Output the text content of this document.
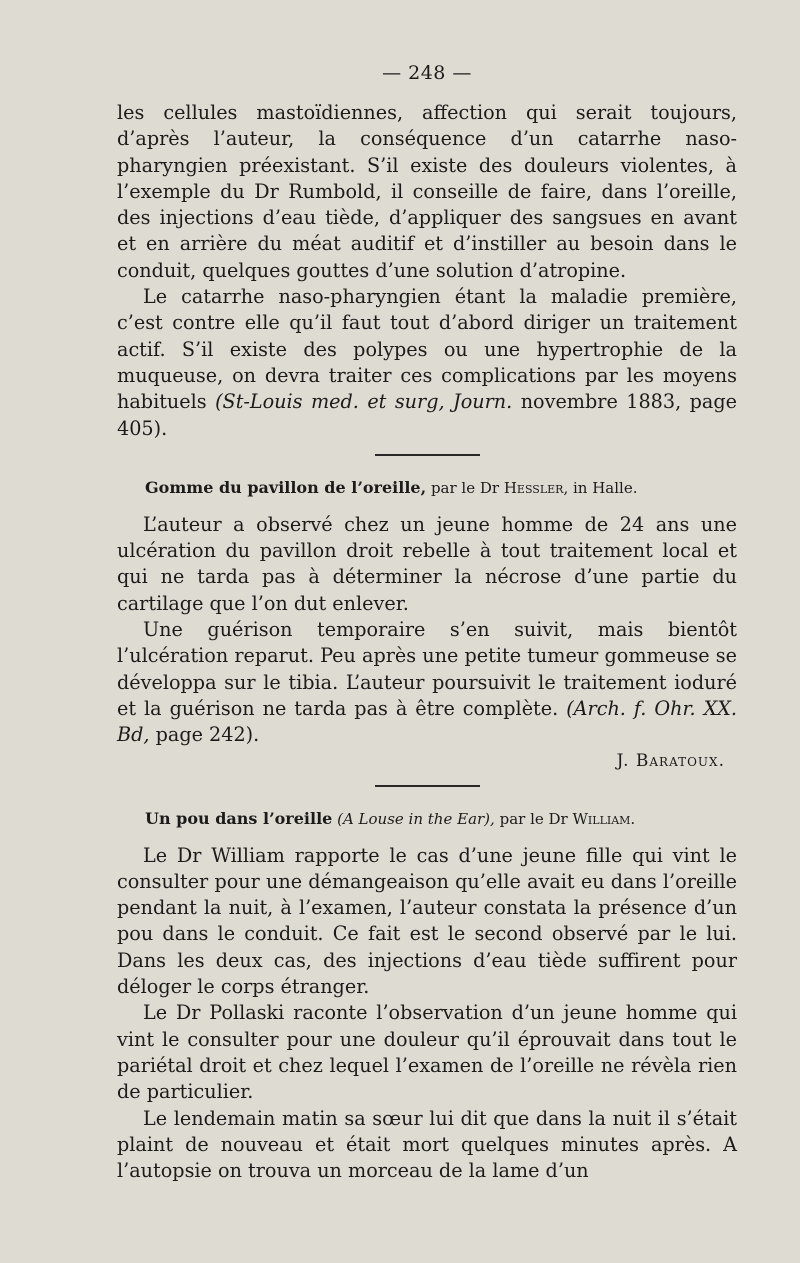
— 248 —

les cellules mastoïdiennes, affection qui serait toujours, d’après l’auteur, la conséquence d’un catarrhe naso-pharyngien préexistant. S’il existe des douleurs violentes, à l’exemple du Dr Rumbold, il conseille de faire, dans l’oreille, des injections d’eau tiède, d’appliquer des sangsues en avant et en arrière du méat auditif et d’instiller au besoin dans le conduit, quelques gouttes d’une solution d’atropine.

Le catarrhe naso-pharyngien étant la maladie première, c’est contre elle qu’il faut tout d’abord diriger un traitement actif. S’il existe des polypes ou une hypertrophie de la muqueuse, on devra traiter ces complications par les moyens habituels (St-Louis med. et surg, Journ. novembre 1883, page 405).

Gomme du pavillon de l’oreille, par le Dr Hessler, in Halle.

L’auteur a observé chez un jeune homme de 24 ans une ulcération du pavillon droit rebelle à tout traitement local et qui ne tarda pas à déterminer la nécrose d’une partie du cartilage que l’on dut enlever.

Une guérison temporaire s’en suivit, mais bientôt l’ulcération reparut. Peu après une petite tumeur gommeuse se développa sur le tibia. L’auteur poursuivit le traitement ioduré et la guérison ne tarda pas à être complète. (Arch. f. Ohr. XX. Bd, page 242).

J. Baratoux.
Un pou dans l’oreille (A Louse in the Ear), par le Dr William.

Le Dr William rapporte le cas d’une jeune fille qui vint le consulter pour une démangeaison qu’elle avait eu dans l’oreille pendant la nuit, à l’examen, l’auteur constata la présence d’un pou dans le conduit. Ce fait est le second observé par le lui. Dans les deux cas, des injections d’eau tiède suffirent pour déloger le corps étranger.

Le Dr Pollaski raconte l’observation d’un jeune homme qui vint le consulter pour une douleur qu’il éprouvait dans tout le pariétal droit et chez lequel l’examen de l’oreille ne révèla rien de particulier.

Le lendemain matin sa sœur lui dit que dans la nuit il s’était plaint de nouveau et était mort quelques minutes après. A l’autopsie on trouva un morceau de la lame d’un
